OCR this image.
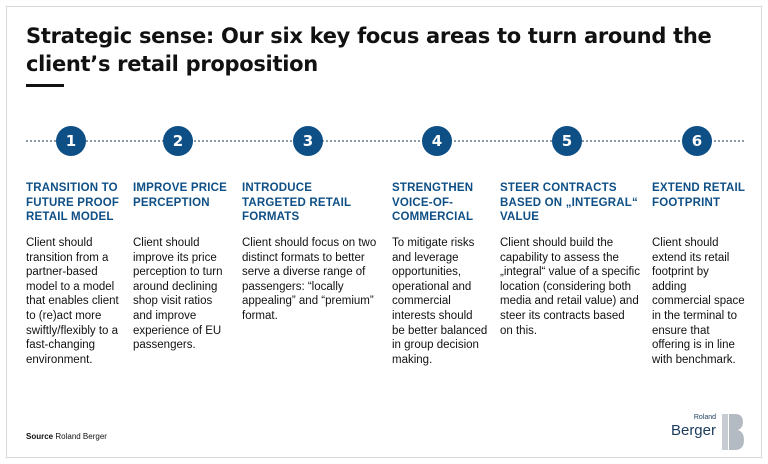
Strategic sense: Our six key focus areas to turn around the client’s retail proposition
1
TRANSITION TO FUTURE PROOF RETAIL MODEL
Client should transition from a partner-based model to a model that enables client to (re)act more swiftly/flexibly to a fast-changing environment.
2
IMPROVE PRICE PERCEPTION
Client should improve its price perception to turn around declining shop visit ratios and improve experience of EU passengers.
3
INTRODUCE TARGETED RETAIL FORMATS
Client should focus on two distinct formats to better serve a diverse range of passengers: “locally appealing” and “premium” format.
4
STRENGTHEN VOICE-OF-COMMERCIAL
To mitigate risks and leverage opportunities, operational and commercial interests should be better balanced in group decision making.
5
STEER CONTRACTS BASED ON „INTEGRAL“ VALUE
Client should build the capability to assess the „integral“ value of a specific location (considering both media and retail value) and steer its contracts based on this.
6
EXTEND RETAIL FOOTPRINT
Client should extend its retail footprint by adding commercial space in the terminal to ensure that offering is in line with benchmark.
Source Roland Berger
Roland
Berger
